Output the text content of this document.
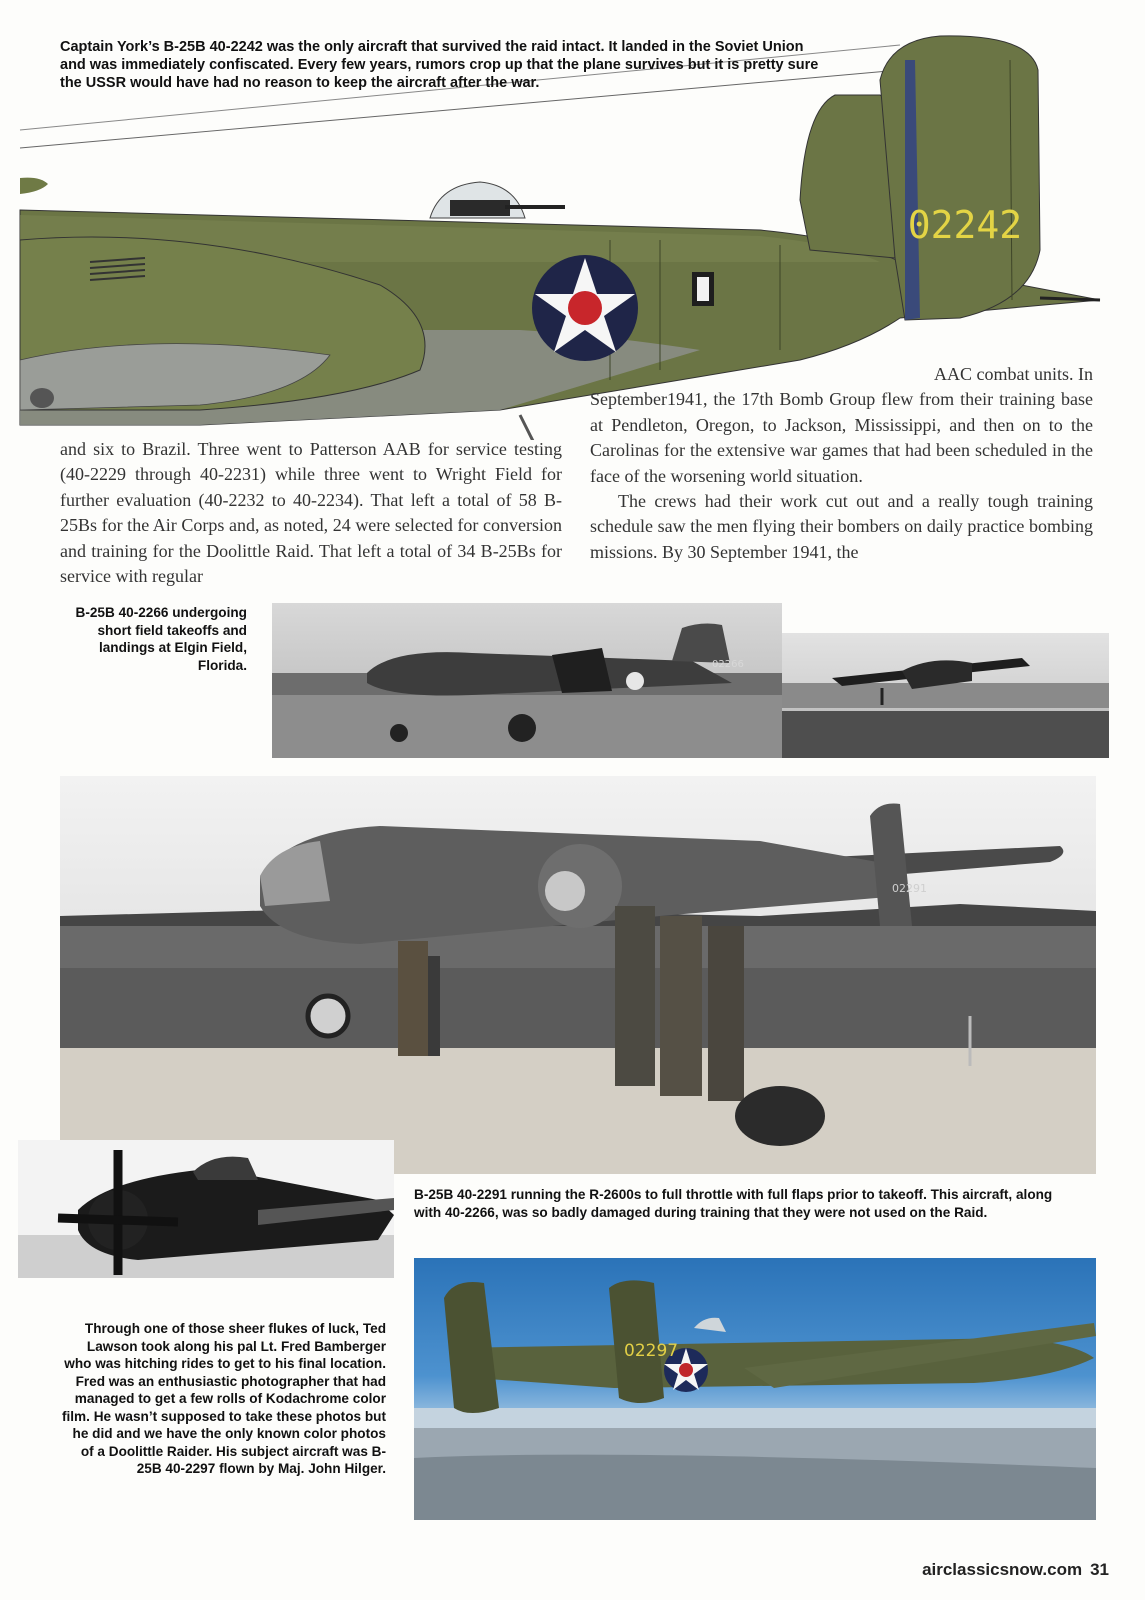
02242
Captain York’s B-25B 40-2242 was the only aircraft that survived the raid intact. It landed in the Soviet Union and was immediately confiscated. Every few years, rumors crop up that the plane survives but it is pretty sure the USSR would have had no reason to keep the aircraft after the war.

and six to Brazil. Three went to Patterson AAB for service testing (40-2229 through 40-2231) while three went to Wright Field for further evaluation (40-2232 to 40-2234). That left a total of 58 B-25Bs for the Air Corps and, as noted, 24 were selected for conversion and training for the Doolittle Raid. That left a total of 34 B-25Bs for service with regular

AAC combat units. In

September1941, the 17th Bomb Group flew from their training base at Pendleton, Oregon, to Jackson, Mississippi, and then on to the Carolinas for the extensive war games that had been scheduled in the face of the worsening world situation.

The crews had their work cut out and a really tough training schedule saw the men flying their bombers on daily practice bombing missions. By 30 September 1941, the

B-25B 40-2266 undergoing short field takeoffs and landings at Elgin Field, Florida.	02266
02291
B-25B 40-2291 running the R-2600s to full throttle with full flaps prior to takeoff. This aircraft, along with 40-2266, was so badly damaged during training that they were not used on the Raid.
02297
Through one of those sheer flukes of luck, Ted Lawson took along his pal Lt. Fred Bamberger who was hitching rides to get to his final location. Fred was an enthusiastic photographer that had managed to get a few rolls of Kodachrome color film. He wasn’t supposed to take these photos but he did and we have the only known color photos of a Doolittle Raider. His subject aircraft was B-25B 40-2297 flown by Maj. John Hilger.
airclassicsnow.com 31
